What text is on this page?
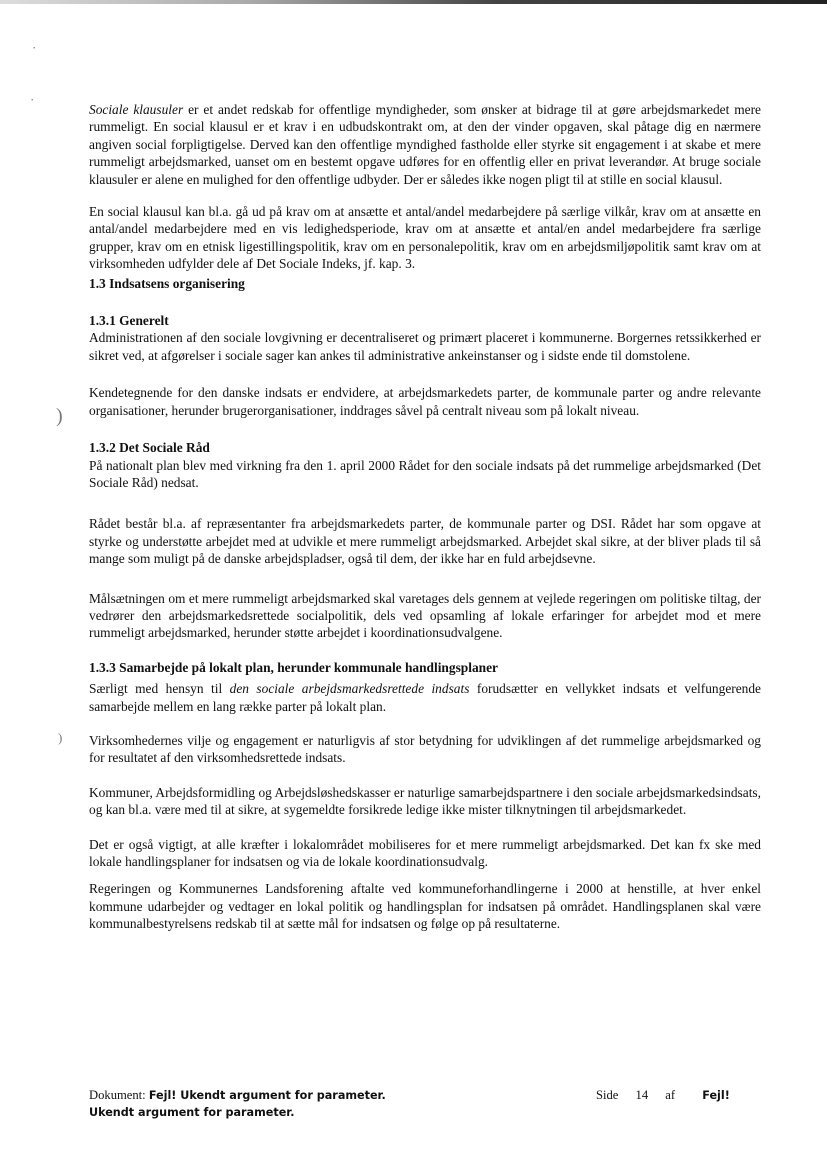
·
·
)
)

Sociale klausuler er et andet redskab for offentlige myndigheder, som ønsker at bidrage til at gøre arbejdsmarkedet mere rummeligt. En social klausul er et krav i en udbudskontrakt om, at den der vinder opgaven, skal påtage dig en nærmere angiven social forpligtigelse. Derved kan den offentlige myndighed fastholde eller styrke sit engagement i at skabe et mere rummeligt arbejdsmarked, uanset om en bestemt opgave udføres for en offentlig eller en privat leverandør. At bruge sociale klausuler er alene en mulighed for den offentlige udbyder. Der er således ikke nogen pligt til at stille en social klausul.

En social klausul kan bl.a. gå ud på krav om at ansætte et antal/andel medarbejdere på særlige vilkår, krav om at ansætte en antal/andel medarbejdere med en vis ledighedsperiode, krav om at ansætte et antal/en andel medarbejdere fra særlige grupper, krav om en etnisk ligestillingspolitik, krav om en personalepolitik, krav om en arbejdsmiljøpolitik samt krav om at virksomheden udfylder dele af Det Sociale Indeks, jf. kap. 3.

1.3 Indsatsens organisering
1.3.1 Generelt

Administrationen af den sociale lovgivning er decentraliseret og primært placeret i kommunerne. Borgernes retssikkerhed er sikret ved, at afgørelser i sociale sager kan ankes til administrative ankeinstanser og i sidste ende til domstolene.

Kendetegnende for den danske indsats er endvidere, at arbejdsmarkedets parter, de kommunale parter og andre relevante organisationer, herunder brugerorganisationer, inddrages såvel på centralt niveau som på lokalt niveau.

1.3.2 Det Sociale Råd

På nationalt plan blev med virkning fra den 1. april 2000 Rådet for den sociale indsats på det rummelige arbejdsmarked (Det Sociale Råd) nedsat.

Rådet består bl.a. af repræsentanter fra arbejdsmarkedets parter, de kommunale parter og DSI. Rådet har som opgave at styrke og understøtte arbejdet med at udvikle et mere rummeligt arbejdsmarked. Arbejdet skal sikre, at der bliver plads til så mange som muligt på de danske arbejdspladser, også til dem, der ikke har en fuld arbejdsevne.

Målsætningen om et mere rummeligt arbejdsmarked skal varetages dels gennem at vejlede regeringen om politiske tiltag, der vedrører den arbejdsmarkedsrettede socialpolitik, dels ved opsamling af lokale erfaringer for arbejdet mod et mere rummeligt arbejdsmarked, herunder støtte arbejdet i koordinationsudvalgene.

1.3.3 Samarbejde på lokalt plan, herunder kommunale handlingsplaner

Særligt med hensyn til den sociale arbejdsmarkedsrettede indsats forudsætter en vellykket indsats et velfungerende samarbejde mellem en lang række parter på lokalt plan.

Virksomhedernes vilje og engagement er naturligvis af stor betydning for udviklingen af det rummelige arbejdsmarked og for resultatet af den virksomhedsrettede indsats.

Kommuner, Arbejdsformidling og Arbejdsløshedskasser er naturlige samarbejdspartnere i den sociale arbejdsmarkedsindsats, og kan bl.a. være med til at sikre, at sygemeldte forsikrede ledige ikke mister tilknytningen til arbejdsmarkedet.

Det er også vigtigt, at alle kræfter i lokalområdet mobiliseres for et mere rummeligt arbejdsmarked. Det kan fx ske med lokale handlingsplaner for indsatsen og via de lokale koordinationsudvalg.

Regeringen og Kommunernes Landsforening aftalte ved kommuneforhandlingerne i 2000 at henstille, at hver enkel kommune udarbejder og vedtager en lokal politik og handlingsplan for indsatsen på området. Handlingsplanen skal være kommunalbestyrelsens redskab til at sætte mål for indsatsen og følge op på resultaterne.

Dokument: Fejl! Ukendt argument for parameter.
Ukendt argument for parameter.
Side 14 af Fejl!
